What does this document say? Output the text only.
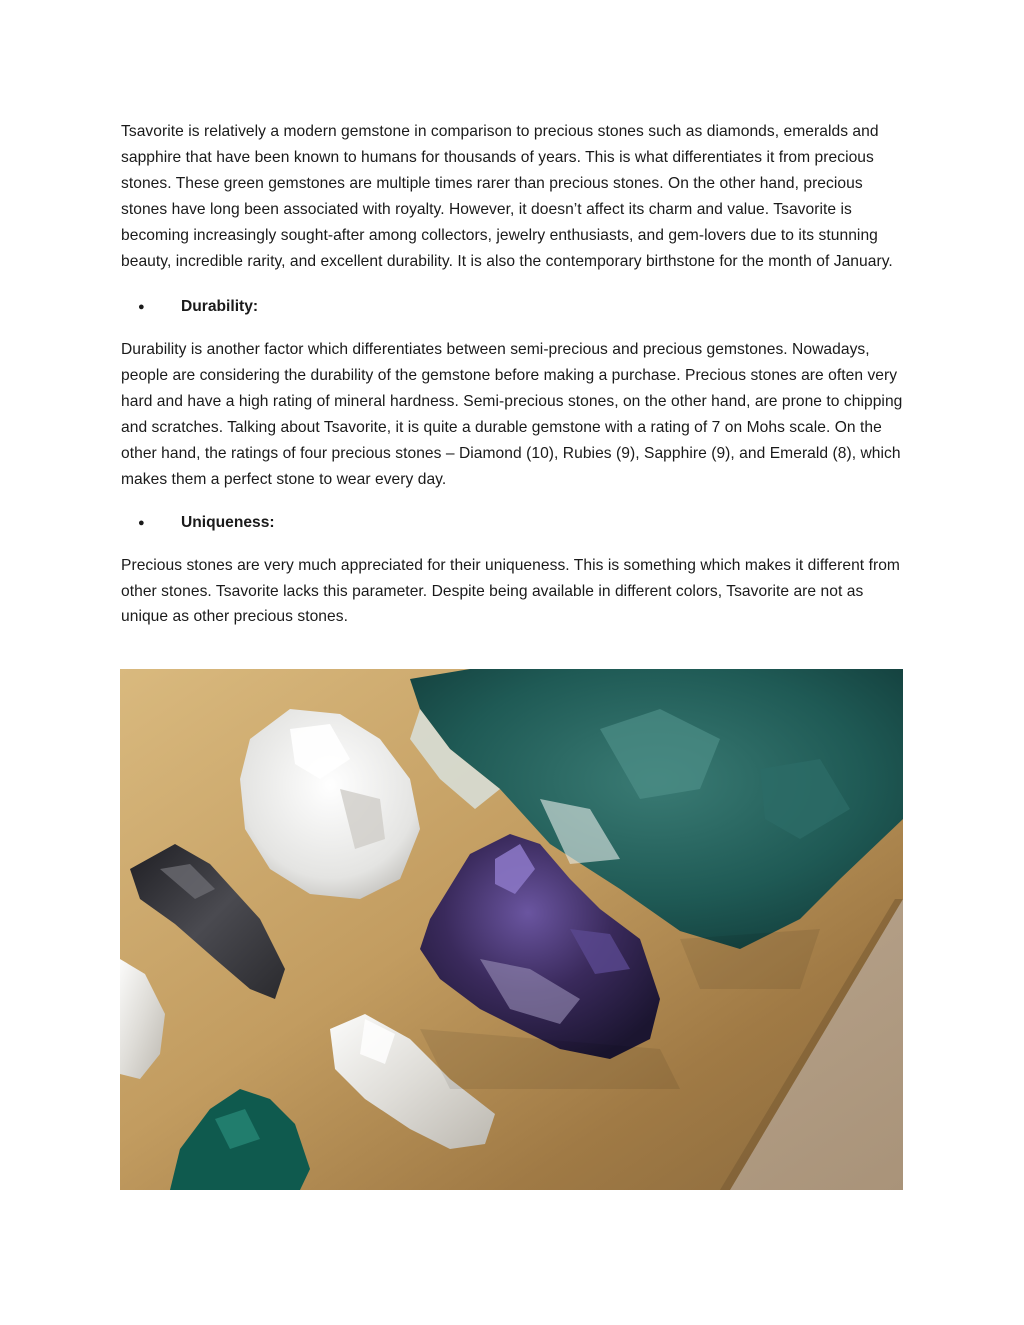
Tsavorite is relatively a modern gemstone in comparison to precious stones such as diamonds, emeralds and sapphire that have been known to humans for thousands of years. This is what differentiates it from precious stones. These green gemstones are multiple times rarer than precious stones. On the other hand, precious stones have long been associated with royalty. However, it doesn’t affect its charm and value. Tsavorite is becoming increasingly sought-after among collectors, jewelry enthusiasts, and gem-lovers due to its stunning beauty, incredible rarity, and excellent durability. It is also the contemporary birthstone for the month of January.

●	Durability:

Durability is another factor which differentiates between semi-precious and precious gemstones. Nowadays, people are considering the durability of the gemstone before making a purchase. Precious stones are often very hard and have a high rating of mineral hardness. Semi-precious stones, on the other hand, are prone to chipping and scratches. Talking about Tsavorite, it is quite a durable gemstone with a rating of 7 on Mohs scale. On the other hand, the ratings of four precious stones – Diamond (10), Rubies (9), Sapphire (9), and Emerald (8), which makes them a perfect stone to wear every day.

●	Uniqueness:

Precious stones are very much appreciated for their uniqueness. This is something which makes it different from other stones. Tsavorite lacks this parameter. Despite being available in different colors, Tsavorite are not as unique as other precious stones.
